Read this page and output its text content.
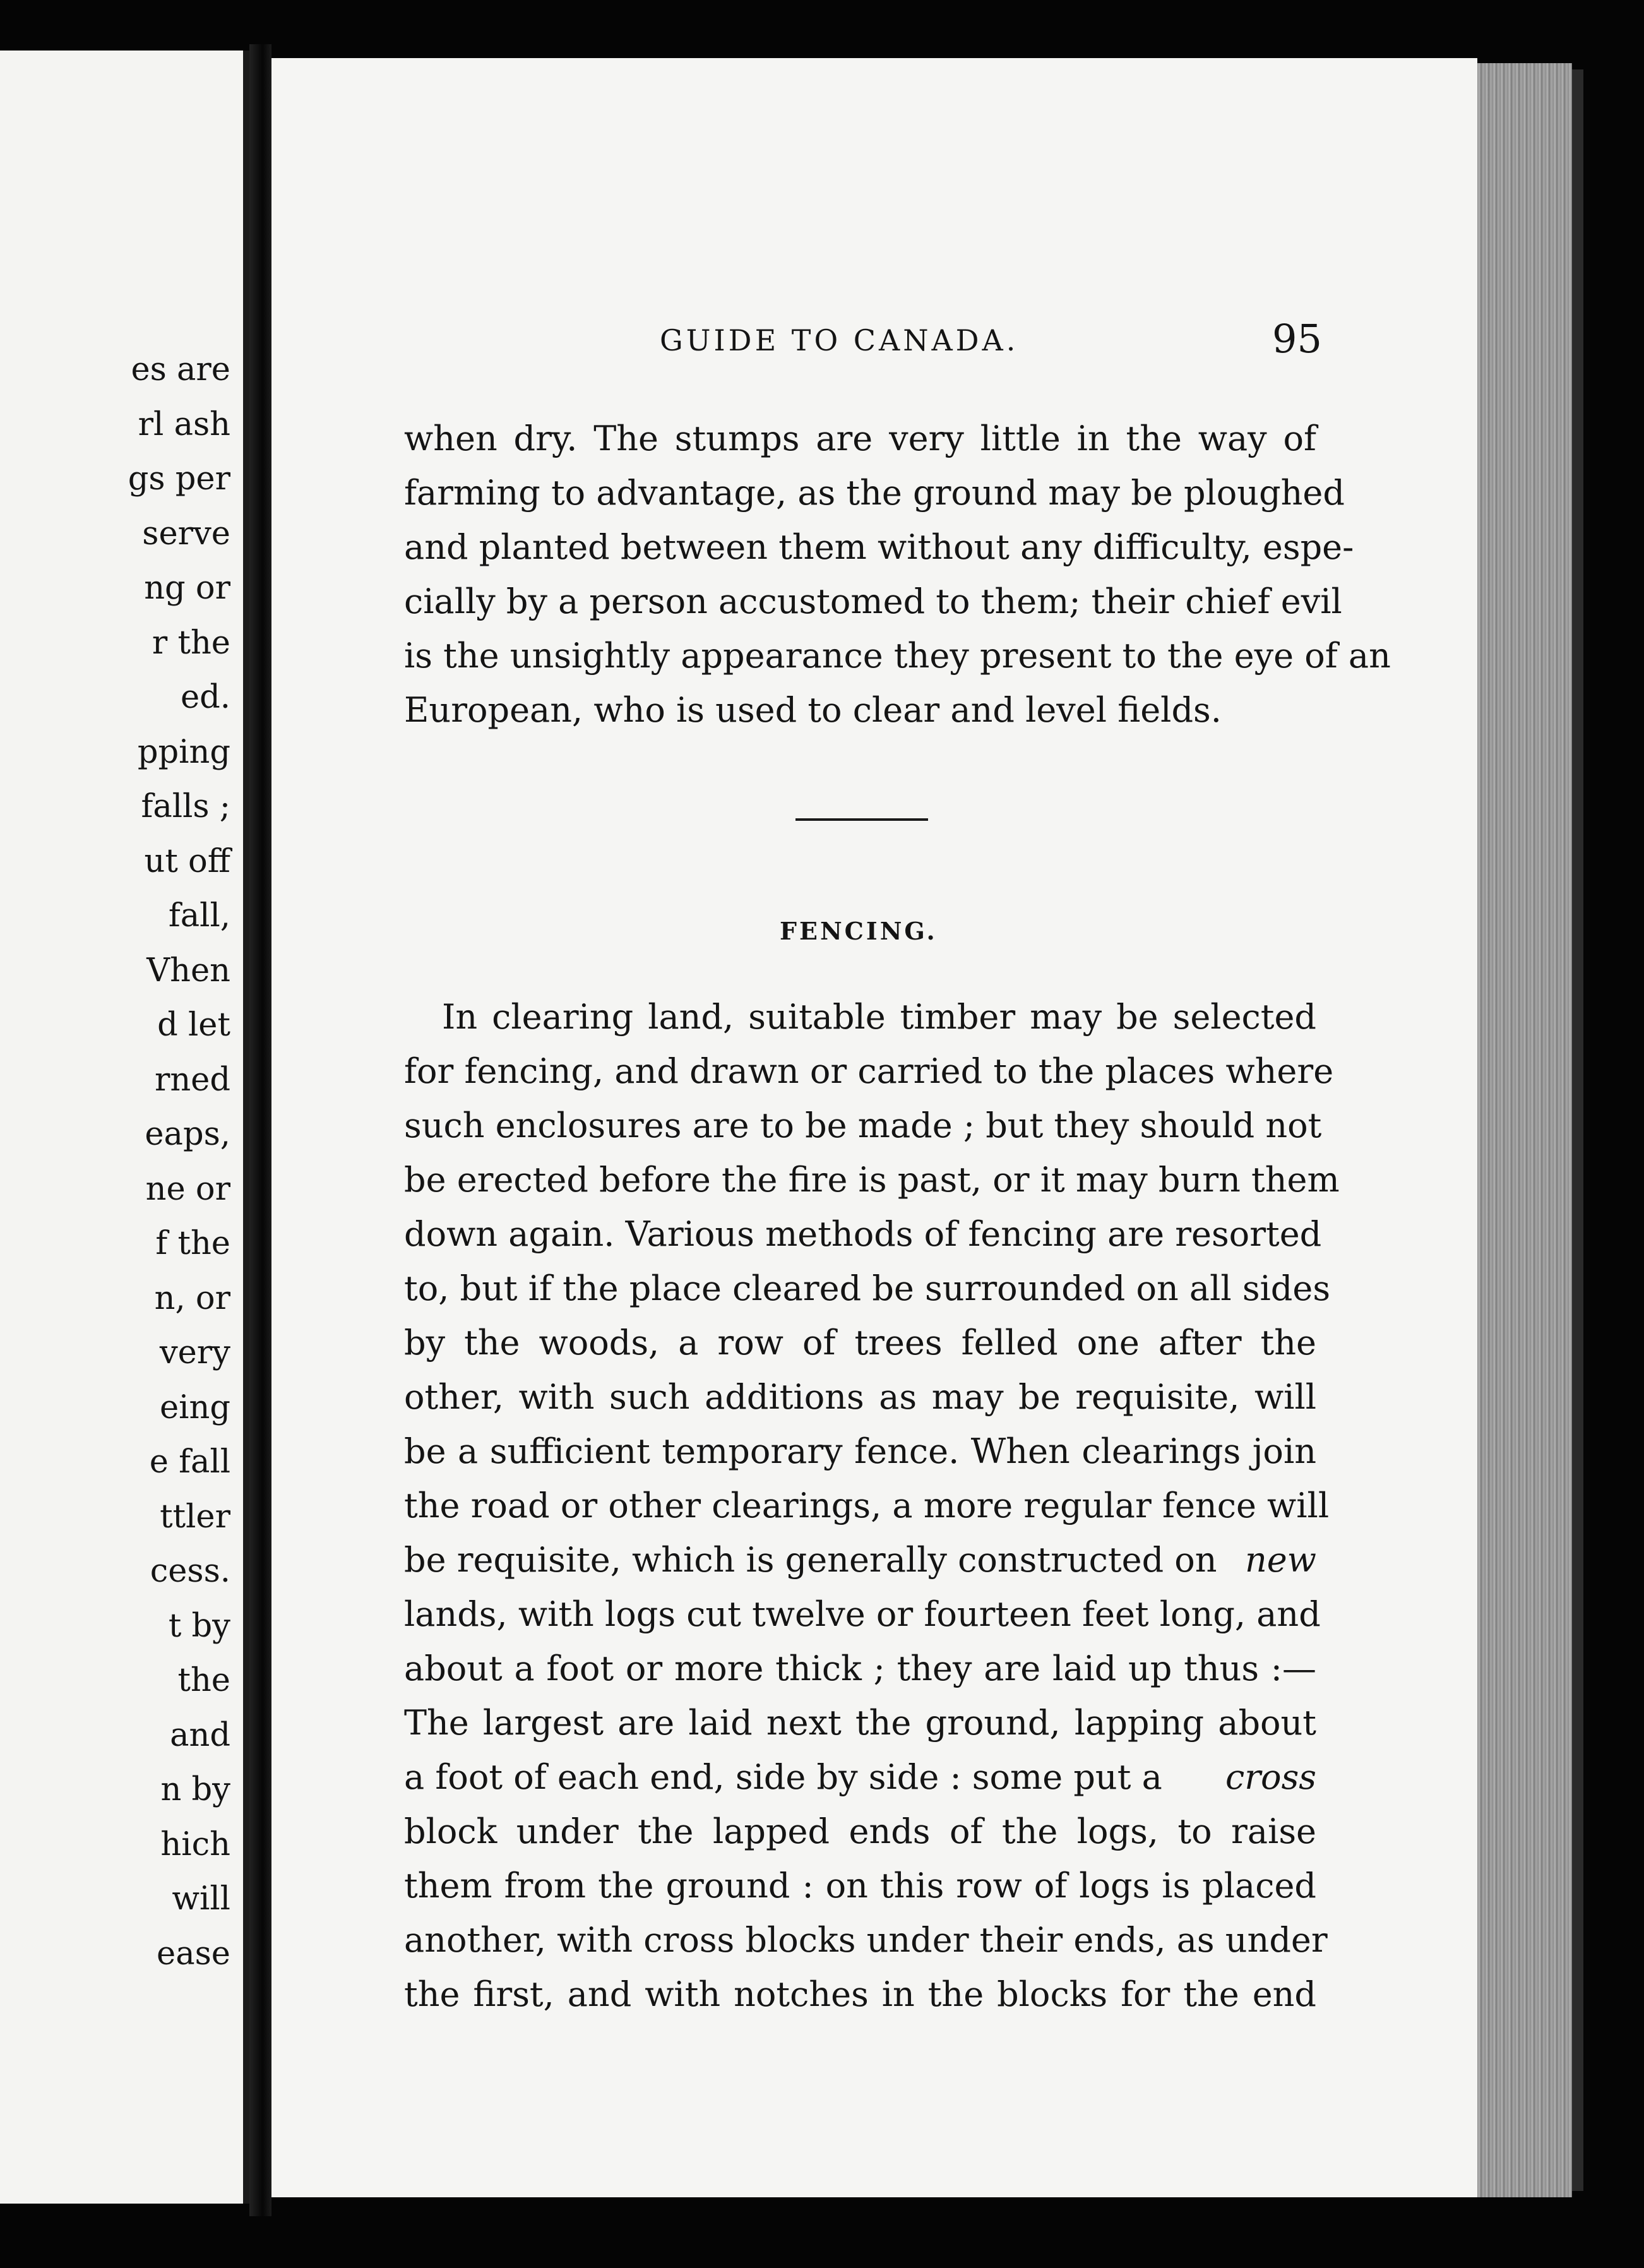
es are
rl ash
gs per
serve
ng or
r the
ed.
pping
falls ;
ut off
fall,
Vhen
d let
rned
eaps,
ne or
f the
n, or
very
eing
e fall
ttler
cess.
t by
the
and
n by
hich
will
ease
GUIDE TO CANADA.	95
when dry. The stumps are very little in the way of
farming to advantage, as the ground may be ploughed
and planted between them without any difficulty, espe-
cially by a person accustomed to them; their chief evil
is the unsightly appearance they present to the eye of an
European, who is used to clear and level fields.
FENCING.
In clearing land, suitable timber may be selected
for fencing, and drawn or carried to the places where
such enclosures are to be made ; but they should not
be erected before the fire is past, or it may burn them
down again. Various methods of fencing are resorted
to, but if the place cleared be surrounded on all sides
by the woods, a row of trees felled one after the
other, with such additions as may be requisite, will
be a sufficient temporary fence. When clearings join
the road or other clearings, a more regular fence will
be requisite, which is generally constructed on new
lands, with logs cut twelve or fourteen feet long, and
about a foot or more thick ; they are laid up thus :—
The largest are laid next the ground, lapping about
a foot of each end, side by side : some put a cross
block under the lapped ends of the logs, to raise
them from the ground : on this row of logs is placed
another, with cross blocks under their ends, as under
the first, and with notches in the blocks for the end
